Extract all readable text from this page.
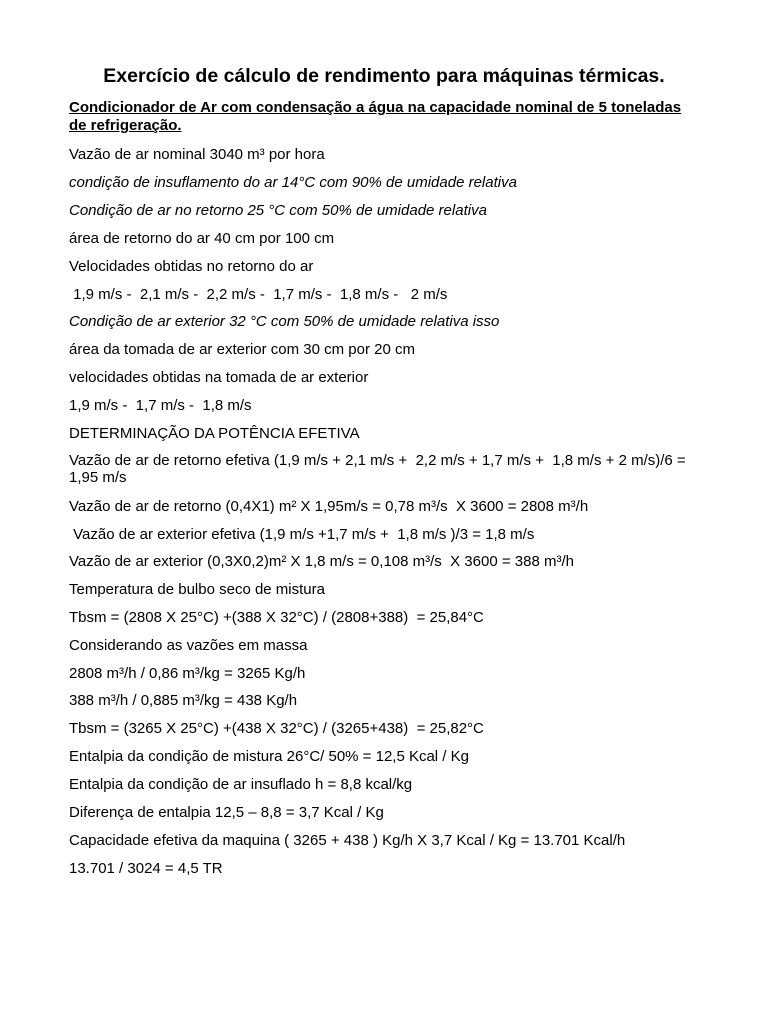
Exercício de cálculo de rendimento para máquinas térmicas.
Condicionador de Ar com condensação a água na capacidade nominal de 5 toneladas de refrigeração.
Vazão de ar nominal 3040 m³ por hora
condição de insuflamento do ar 14°C com 90% de umidade relativa
Condição de ar no retorno 25 °C com 50% de umidade relativa
área de retorno do ar 40 cm por 100 cm
Velocidades obtidas no retorno do ar
1,9 m/s -  2,1 m/s -  2,2 m/s -  1,7 m/s -  1,8 m/s -   2 m/s
Condição de ar exterior 32 °C com 50% de umidade relativa isso
área da tomada de ar exterior com 30 cm por 20 cm
velocidades obtidas na tomada de ar exterior
1,9 m/s -  1,7 m/s -  1,8 m/s
DETERMINAÇÃO DA POTÊNCIA EFETIVA
Vazão de ar de retorno efetiva (1,9 m/s + 2,1 m/s +  2,2 m/s + 1,7 m/s +  1,8 m/s + 2 m/s)/6 = 1,95 m/s
Vazão de ar de retorno (0,4X1) m² X 1,95m/s = 0,78 m³/s  X 3600 = 2808 m³/h
Vazão de ar exterior efetiva (1,9 m/s +1,7 m/s +  1,8 m/s )/3 = 1,8 m/s
Vazão de ar exterior (0,3X0,2)m² X 1,8 m/s = 0,108 m³/s  X 3600 = 388 m³/h
Temperatura de bulbo seco de mistura
Tbsm = (2808 X 25°C) +(388 X 32°C) / (2808+388)  = 25,84°C
Considerando as vazões em massa
2808 m³/h / 0,86 m³/kg = 3265 Kg/h
388 m³/h / 0,885 m³/kg = 438 Kg/h
Tbsm = (3265 X 25°C) +(438 X 32°C) / (3265+438)  = 25,82°C
Entalpia da condição de mistura 26°C/ 50% = 12,5 Kcal / Kg
Entalpia da condição de ar insuflado h = 8,8 kcal/kg
Diferença de entalpia 12,5 – 8,8 = 3,7 Kcal / Kg
Capacidade efetiva da maquina ( 3265 + 438 ) Kg/h X 3,7 Kcal / Kg = 13.701 Kcal/h
13.701 / 3024 = 4,5 TR
